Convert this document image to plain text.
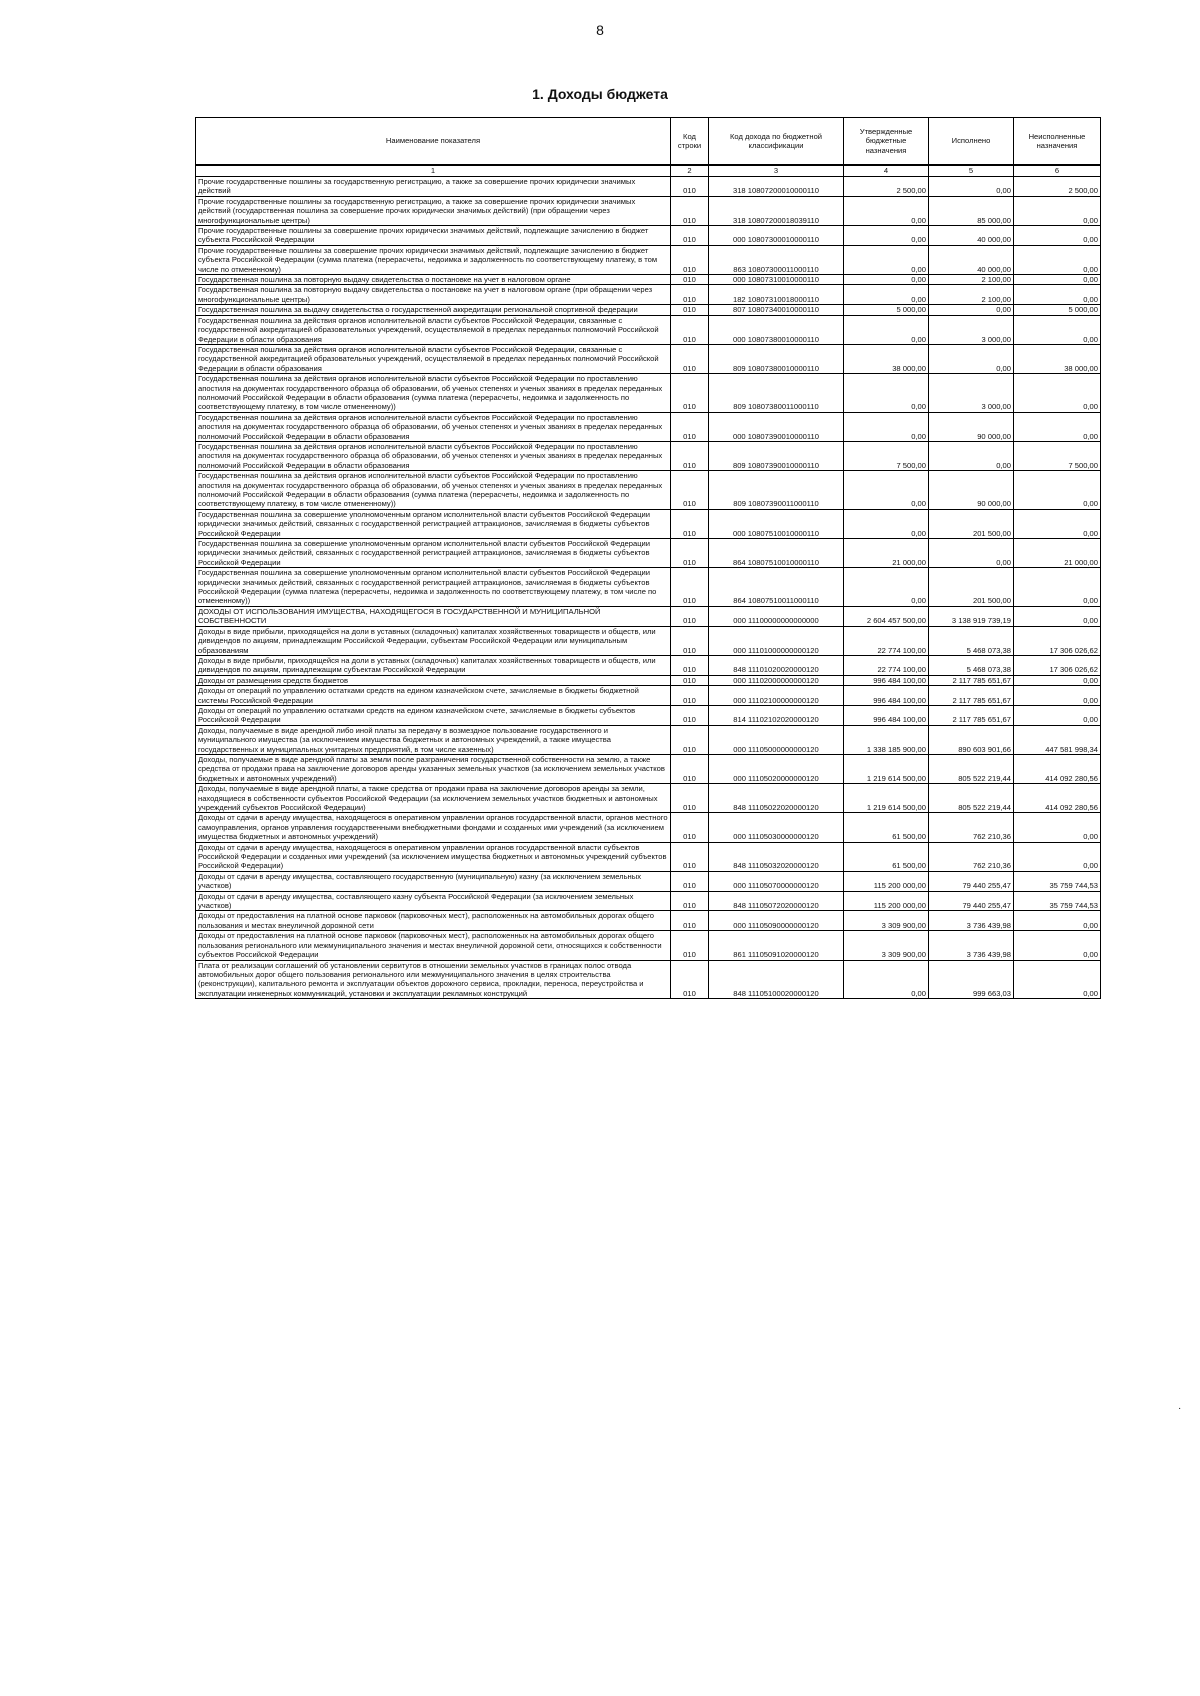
8
1. Доходы бюджета
·
Наименование показателя	Код строки	Код дохода по бюджетной классификации	Утвержденные бюджетные назначения	Исполнено	Неисполненные назначения
1	2	3	4	5	6
Прочие государственные пошлины за государственную регистрацию, а также за совершение прочих юридически значимых действий	010	318 10807200010000110	2 500,00	0,00	2 500,00
Прочие государственные пошлины за государственную регистрацию, а также за совершение прочих юридически значимых действий (государственная пошлина за совершение прочих юридически значимых действий) (при обращении через многофункциональные центры)	010	318 10807200018039110	0,00	85 000,00	0,00
Прочие государственные пошлины за совершение прочих юридически значимых действий, подлежащие зачислению в бюджет субъекта Российской Федерации	010	000 10807300010000110	0,00	40 000,00	0,00
Прочие государственные пошлины за совершение прочих юридически значимых действий, подлежащие зачислению в бюджет субъекта Российской Федерации (сумма платежа (перерасчеты, недоимка и задолженность по соответствующему платежу, в том числе по отмененному)	010	863 10807300011000110	0,00	40 000,00	0,00
Государственная пошлина за повторную выдачу свидетельства о постановке на учет в налоговом органе	010	000 10807310010000110	0,00	2 100,00	0,00
Государственная пошлина за повторную выдачу свидетельства о постановке на учет в налоговом органе (при обращении через многофункциональные центры)	010	182 10807310018000110	0,00	2 100,00	0,00
Государственная пошлина за выдачу свидетельства о государственной аккредитации региональной спортивной федерации	010	807 10807340010000110	5 000,00	0,00	5 000,00
Государственная пошлина за действия органов исполнительной власти субъектов Российской Федерации, связанные с государственной аккредитацией образовательных учреждений, осуществляемой в пределах переданных полномочий Российской Федерации в области образования	010	000 10807380010000110	0,00	3 000,00	0,00
Государственная пошлина за действия органов исполнительной власти субъектов Российской Федерации, связанные с государственной аккредитацией образовательных учреждений, осуществляемой в пределах переданных полномочий Российской Федерации в области образования	010	809 10807380010000110	38 000,00	0,00	38 000,00
Государственная пошлина за действия органов исполнительной власти субъектов Российской Федерации по проставлению апостиля на документах государственного образца об образовании, об ученых степенях и ученых званиях в пределах переданных полномочий Российской Федерации в области образования (сумма платежа (перерасчеты, недоимка и задолженность по соответствующему платежу, в том числе отмененному))	010	809 10807380011000110	0,00	3 000,00	0,00
Государственная пошлина за действия органов исполнительной власти субъектов Российской Федерации по проставлению апостиля на документах государственного образца об образовании, об ученых степенях и ученых званиях в пределах переданных полномочий Российской Федерации в области образования	010	000 10807390010000110	0,00	90 000,00	0,00
Государственная пошлина за действия органов исполнительной власти субъектов Российской Федерации по проставлению апостиля на документах государственного образца об образовании, об ученых степенях и ученых званиях в пределах переданных полномочий Российской Федерации в области образования	010	809 10807390010000110	7 500,00	0,00	7 500,00
Государственная пошлина за действия органов исполнительной власти субъектов Российской Федерации по проставлению апостиля на документах государственного образца об образовании, об ученых степенях и ученых званиях в пределах переданных полномочий Российской Федерации в области образования (сумма платежа (перерасчеты, недоимка и задолженность по соответствующему платежу, в том числе отмененному))	010	809 10807390011000110	0,00	90 000,00	0,00
Государственная пошлина за совершение уполномоченным органом исполнительной власти субъектов Российской Федерации юридически значимых действий, связанных с государственной регистрацией аттракционов, зачисляемая в бюджеты субъектов Российской Федерации	010	000 10807510010000110	0,00	201 500,00	0,00
Государственная пошлина за совершение уполномоченным органом исполнительной власти субъектов Российской Федерации юридически значимых действий, связанных с государственной регистрацией аттракционов, зачисляемая в бюджеты субъектов Российской Федерации	010	864 10807510010000110	21 000,00	0,00	21 000,00
Государственная пошлина за совершение уполномоченным органом исполнительной власти субъектов Российской Федерации юридически значимых действий, связанных с государственной регистрацией аттракционов, зачисляемая в бюджеты субъектов Российской Федерации (сумма платежа (перерасчеты, недоимка и задолженность по соответствующему платежу, в том числе по отмененному))	010	864 10807510011000110	0,00	201 500,00	0,00
ДОХОДЫ ОТ ИСПОЛЬЗОВАНИЯ ИМУЩЕСТВА, НАХОДЯЩЕГОСЯ В ГОСУДАРСТВЕННОЙ И МУНИЦИПАЛЬНОЙ СОБСТВЕННОСТИ	010	000 11100000000000000	2 604 457 500,00	3 138 919 739,19	0,00
Доходы в виде прибыли, приходящейся на доли в уставных (складочных) капиталах хозяйственных товариществ и обществ, или дивидендов по акциям, принадлежащим Российской Федерации, субъектам Российской Федерации или муниципальным образованиям	010	000 11101000000000120	22 774 100,00	5 468 073,38	17 306 026,62
Доходы в виде прибыли, приходящейся на доли в уставных (складочных) капиталах хозяйственных товариществ и обществ, или дивидендов по акциям, принадлежащим субъектам Российской Федерации	010	848 11101020020000120	22 774 100,00	5 468 073,38	17 306 026,62
Доходы от размещения средств бюджетов	010	000 11102000000000120	996 484 100,00	2 117 785 651,67	0,00
Доходы от операций по управлению остатками средств на едином казначейском счете, зачисляемые в бюджеты бюджетной системы Российской Федерации	010	000 11102100000000120	996 484 100,00	2 117 785 651,67	0,00
Доходы от операций по управлению остатками средств на едином казначейском счете, зачисляемые в бюджеты субъектов Российской Федерации	010	814 11102102020000120	996 484 100,00	2 117 785 651,67	0,00
Доходы, получаемые в виде арендной либо иной платы за передачу в возмездное пользование государственного и муниципального имущества (за исключением имущества бюджетных и автономных учреждений, а также имущества государственных и муниципальных унитарных предприятий, в том числе казенных)	010	000 11105000000000120	1 338 185 900,00	890 603 901,66	447 581 998,34
Доходы, получаемые в виде арендной платы за земли после разграничения государственной собственности на землю, а также средства от продажи права на заключение договоров аренды указанных земельных участков (за исключением земельных участков бюджетных и автономных учреждений)	010	000 11105020000000120	1 219 614 500,00	805 522 219,44	414 092 280,56
Доходы, получаемые в виде арендной платы, а также средства от продажи права на заключение договоров аренды за земли, находящиеся в собственности субъектов Российской Федерации (за исключением земельных участков бюджетных и автономных учреждений субъектов Российской Федерации)	010	848 11105022020000120	1 219 614 500,00	805 522 219,44	414 092 280,56
Доходы от сдачи в аренду имущества, находящегося в оперативном управлении органов государственной власти, органов местного самоуправления, органов управления государственными внебюджетными фондами и созданных ими учреждений (за исключением имущества бюджетных и автономных учреждений)	010	000 11105030000000120	61 500,00	762 210,36	0,00
Доходы от сдачи в аренду имущества, находящегося в оперативном управлении органов государственной власти субъектов Российской Федерации и созданных ими учреждений (за исключением имущества бюджетных и автономных учреждений субъектов Российской Федерации)	010	848 11105032020000120	61 500,00	762 210,36	0,00
Доходы от сдачи в аренду имущества, составляющего государственную (муниципальную) казну (за исключением земельных участков)	010	000 11105070000000120	115 200 000,00	79 440 255,47	35 759 744,53
Доходы от сдачи в аренду имущества, составляющего казну субъекта Российской Федерации (за исключением земельных участков)	010	848 11105072020000120	115 200 000,00	79 440 255,47	35 759 744,53
Доходы от предоставления на платной основе парковок (парковочных мест), расположенных на автомобильных дорогах общего пользования и местах внеуличной дорожной сети	010	000 11105090000000120	3 309 900,00	3 736 439,98	0,00
Доходы от предоставления на платной основе парковок (парковочных мест), расположенных на автомобильных дорогах общего пользования регионального или межмуниципального значения и местах внеуличной дорожной сети, относящихся к собственности субъектов Российской Федерации	010	861 11105091020000120	3 309 900,00	3 736 439,98	0,00
Плата от реализации соглашений об установлении сервитутов в отношении земельных участков в границах полос отвода автомобильных дорог общего пользования регионального или межмуниципального значения в целях строительства (реконструкции), капитального ремонта и эксплуатации объектов дорожного сервиса, прокладки, переноса, переустройства и эксплуатации инженерных коммуникаций, установки и эксплуатации рекламных конструкций	010	848 11105100020000120	0,00	999 663,03	0,00
